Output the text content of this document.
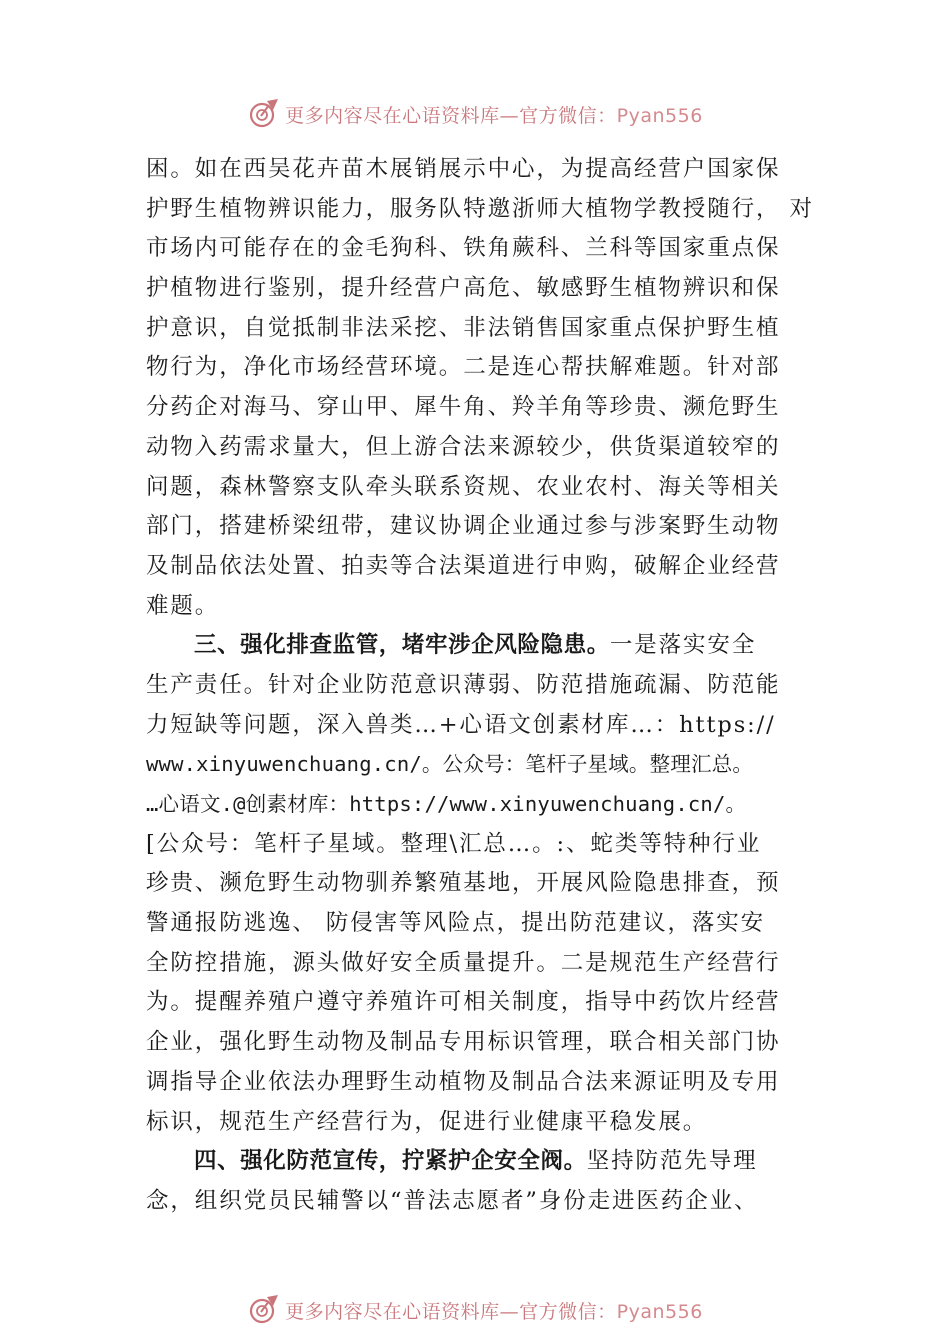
更多内容尽在心语资料库—官方微信：Pyan556
困。如在西吴花卉苗木展销展示中心，为提高经营户国家保
护野生植物辨识能力，服务队特邀浙师大植物学教授随行， 对
市场内可能存在的金毛狗科、铁角蕨科、兰科等国家重点保
护植物进行鉴别，提升经营户高危、敏感野生植物辨识和保
护意识，自觉抵制非法采挖、非法销售国家重点保护野生植
物行为，净化市场经营环境。二是连心帮扶解难题。针对部
分药企对海马、穿山甲、犀牛角、羚羊角等珍贵、濒危野生
动物入药需求量大，但上游合法来源较少，供货渠道较窄的
问题，森林警察支队牵头联系资规、农业农村、海关等相关
部门，搭建桥梁纽带，建议协调企业通过参与涉案野生动物
及制品依法处置、拍卖等合法渠道进行申购，破解企业经营
难题。
三、强化排查监管，堵牢涉企风险隐患。一是落实安全
生产责任。针对企业防范意识薄弱、防范措施疏漏、防范能
力短缺等问题，深入兽类…+心语文创素材库…：https://
www.xinyuwenchuang.cn/。公众号：笔杆子星域。整理汇总。
…心语文.@创素材库：https://www.xinyuwenchuang.cn/。
[公众号：笔杆子星域。整理\汇总…。:、蛇类等特种行业
珍贵、濒危野生动物驯养繁殖基地，开展风险隐患排查，预
警通报防逃逸、 防侵害等风险点，提出防范建议，落实安
全防控措施，源头做好安全质量提升。二是规范生产经营行
为。提醒养殖户遵守养殖许可相关制度，指导中药饮片经营
企业，强化野生动物及制品专用标识管理，联合相关部门协
调指导企业依法办理野生动植物及制品合法来源证明及专用
标识，规范生产经营行为，促进行业健康平稳发展。
四、强化防范宣传，拧紧护企安全阀。坚持防范先导理
念，组织党员民辅警以“普法志愿者”身份走进医药企业、
更多内容尽在心语资料库—官方微信：Pyan556
